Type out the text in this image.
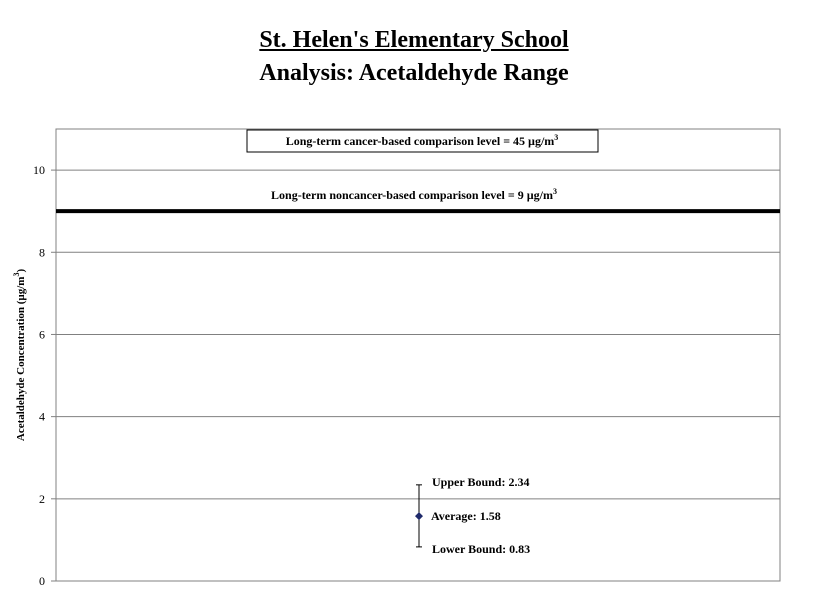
St. Helen's Elementary School
Analysis: Acetaldehyde Range
0
2
4
6
8
10
Long-term noncancer-based comparison level = 9 $\mu g/m^3$
Long-term cancer-based comparison level = 45 $\mu g/m^3$
Acetaldehyde Concentration $(\mu g/m^3)$
Upper Bound: 2.34
Average: 1.58
Lower Bound: 0.83
